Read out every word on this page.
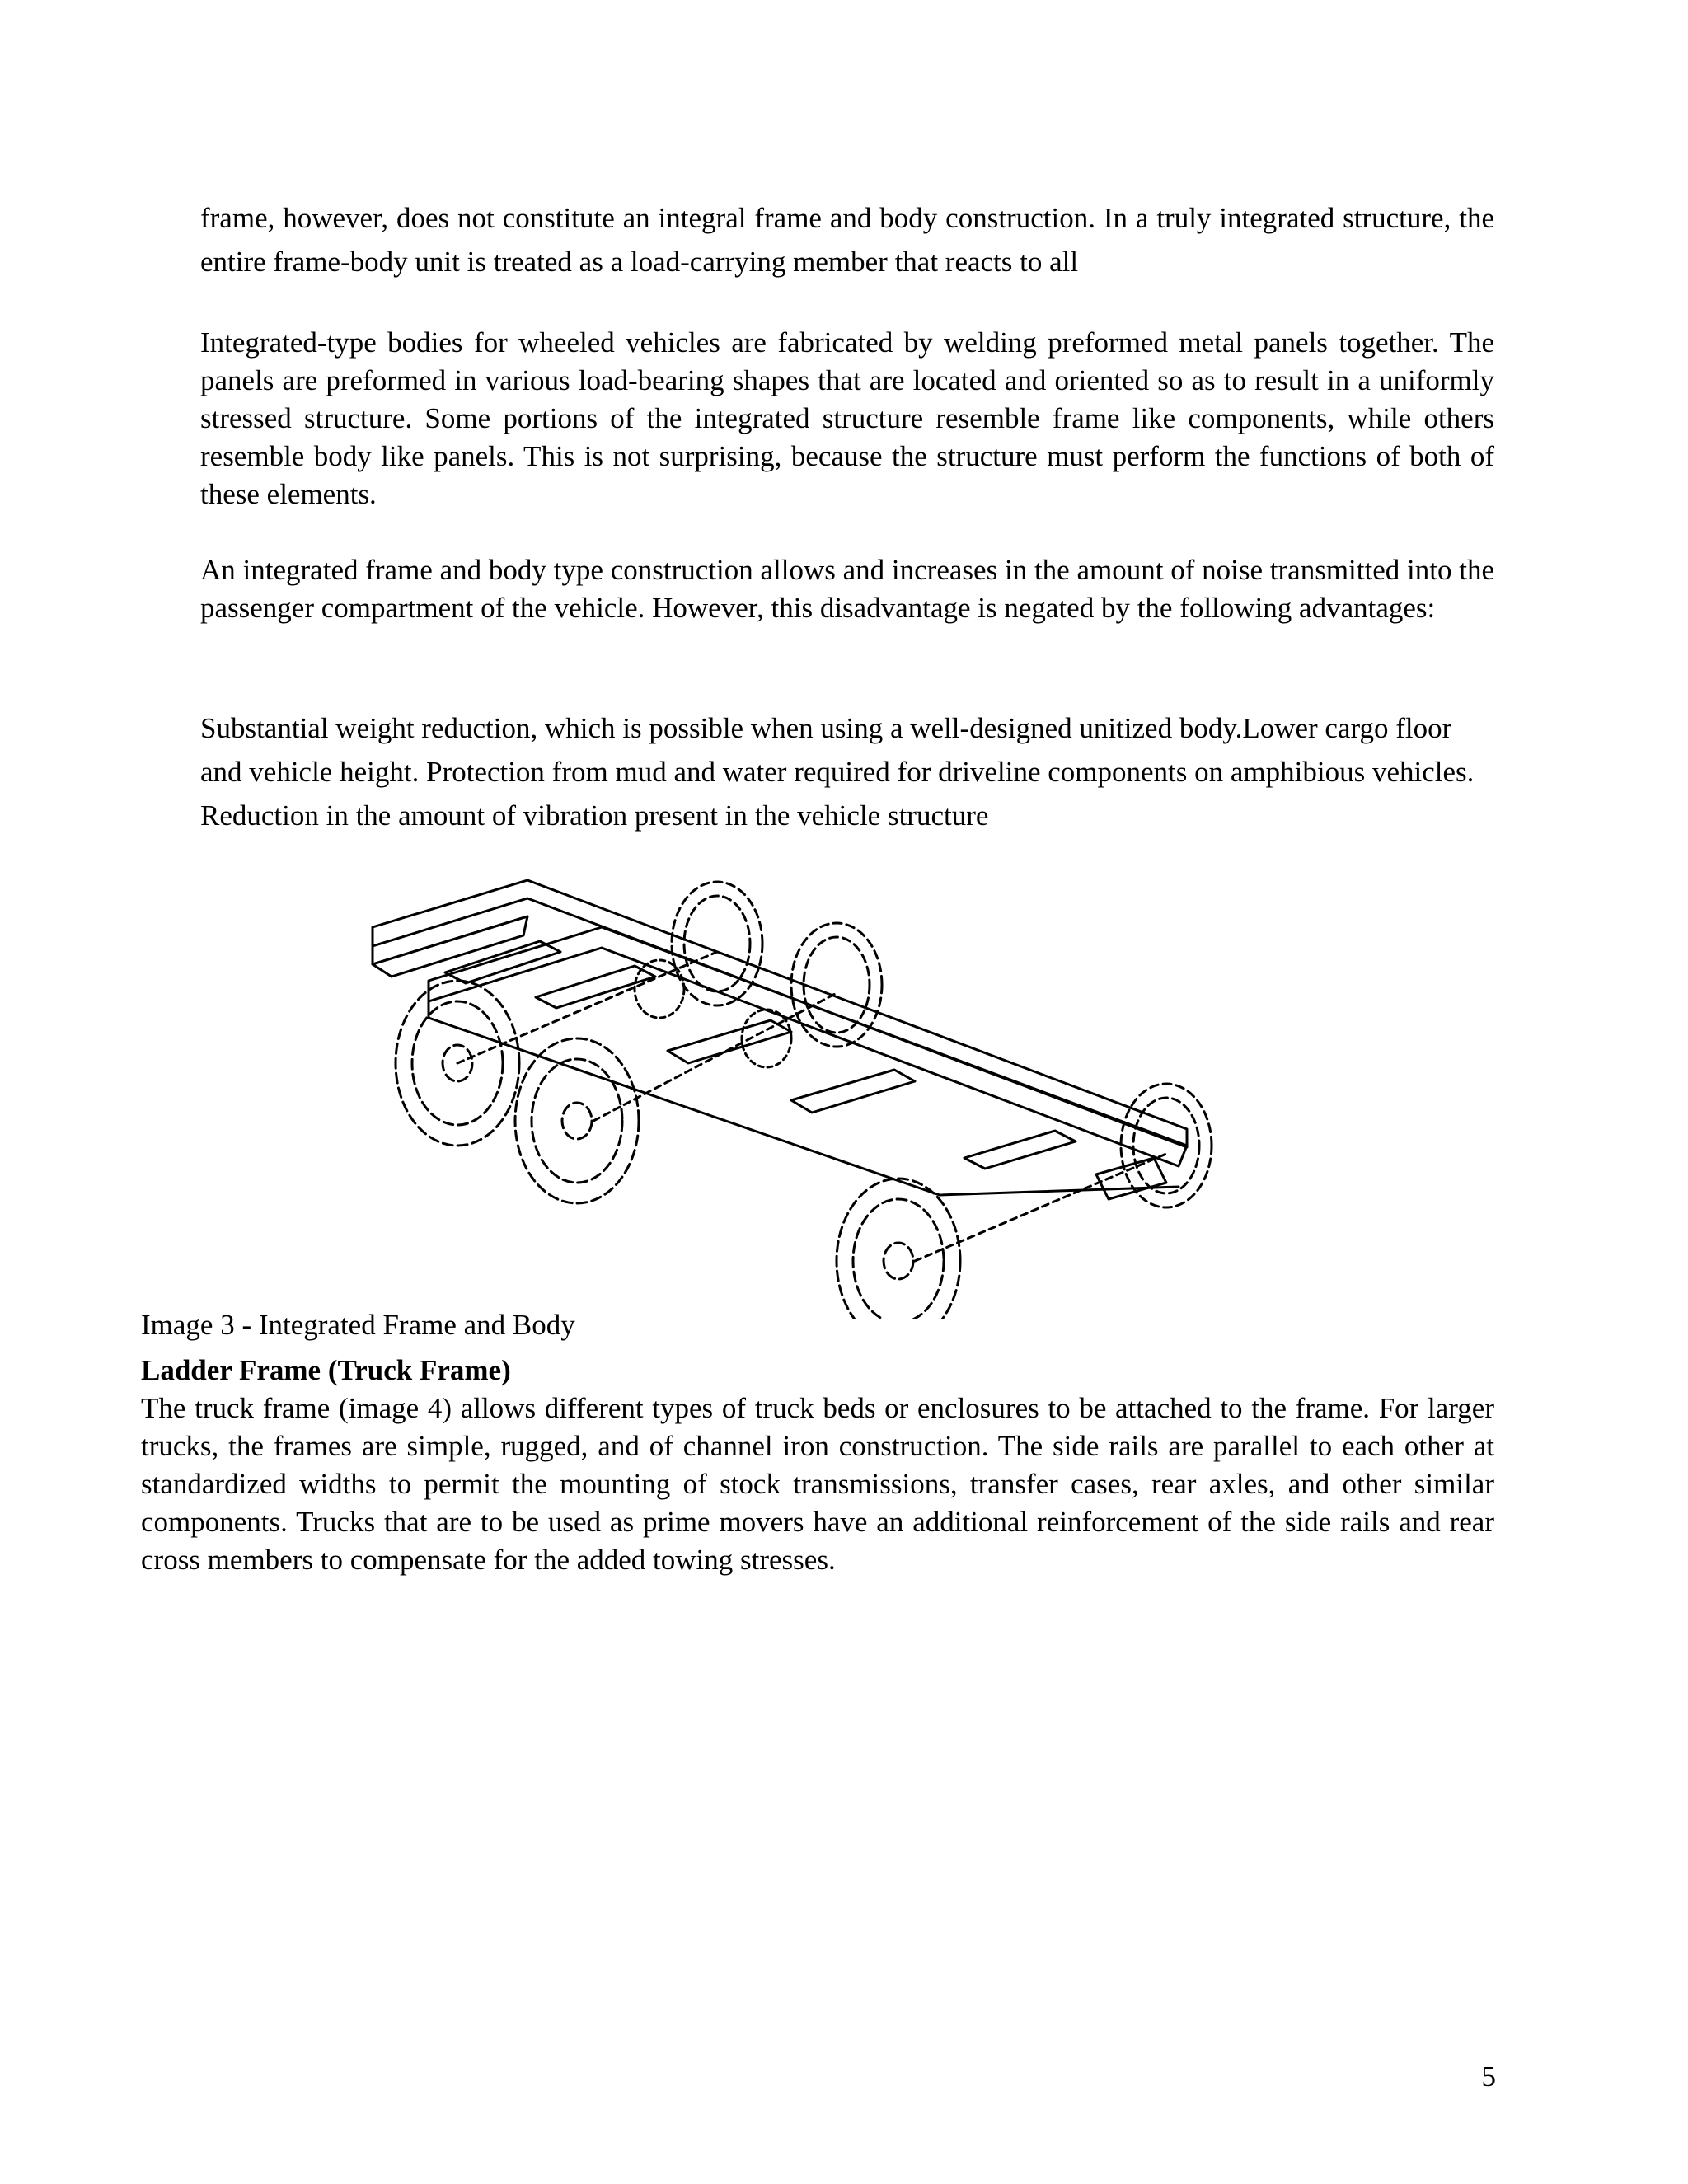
frame, however, does not constitute an integral frame and body construction. In a truly integrated structure, the entire frame-body unit is treated as a load-carrying member that reacts to all

Integrated-type bodies for wheeled vehicles are fabricated by welding preformed metal panels together. The panels are preformed in various load-bearing shapes that are located and oriented so as to result in a uniformly stressed structure. Some portions of the integrated structure resemble frame like components, while others resemble body like panels. This is not surprising, because the structure must perform the functions of both of these elements.

An integrated frame and body type construction allows and increases in the amount of noise transmitted into the passenger compartment of the vehicle. However, this disadvantage is negated by the following advantages:

Substantial weight reduction, which is possible when using a well-designed unitized body.Lower cargo floor and vehicle height. Protection from mud and water required for driveline components on amphibious vehicles. Reduction in the amount of vibration present in the vehicle structure

Image 3 - Integrated Frame and Body

Ladder Frame (Truck Frame)

The truck frame (image 4) allows different types of truck beds or enclosures to be attached to the frame. For larger trucks, the frames are simple, rugged, and of channel iron construction. The side rails are parallel to each other at standardized widths to permit the mounting of stock transmissions, transfer cases, rear axles, and other similar components. Trucks that are to be used as prime movers have an additional reinforcement of the side rails and rear cross members to compensate for the added towing stresses.

5
